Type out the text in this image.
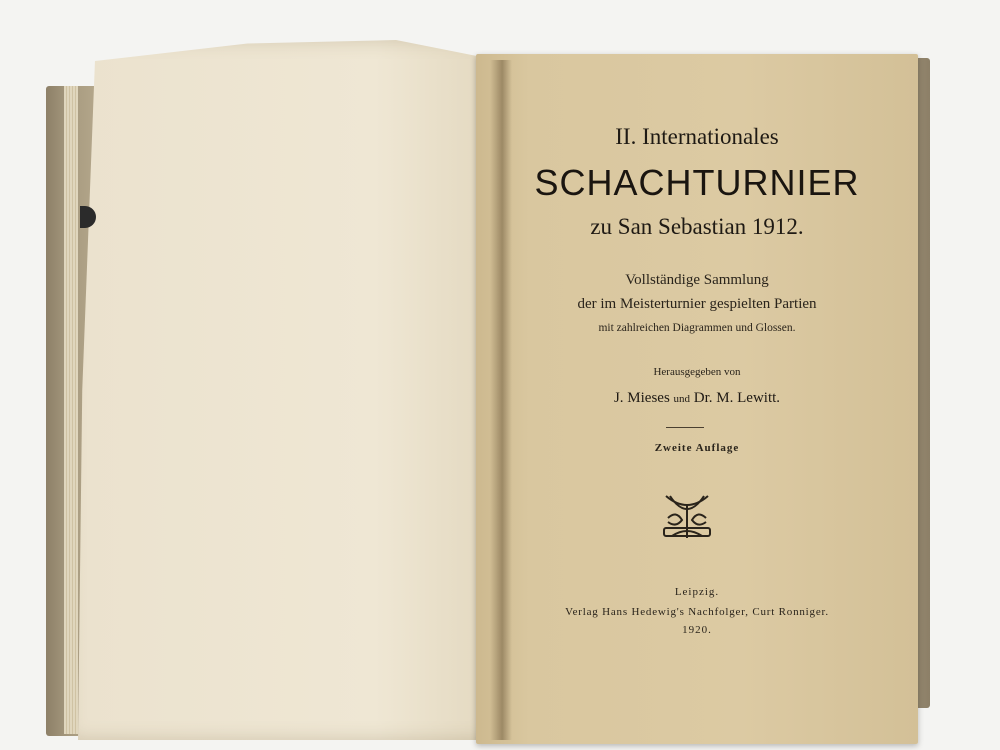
II. Internationales
SCHACHTURNIER
zu San Sebastian 1912.
Vollständige Sammlung
der im Meisterturnier gespielten Partien
mit zahlreichen Diagrammen und Glossen.
Herausgegeben von
J. Mieses und Dr. M. Lewitt.
Zweite Auflage
Leipzig.
Verlag Hans Hedewig's Nachfolger, Curt Ronniger.
1920.
